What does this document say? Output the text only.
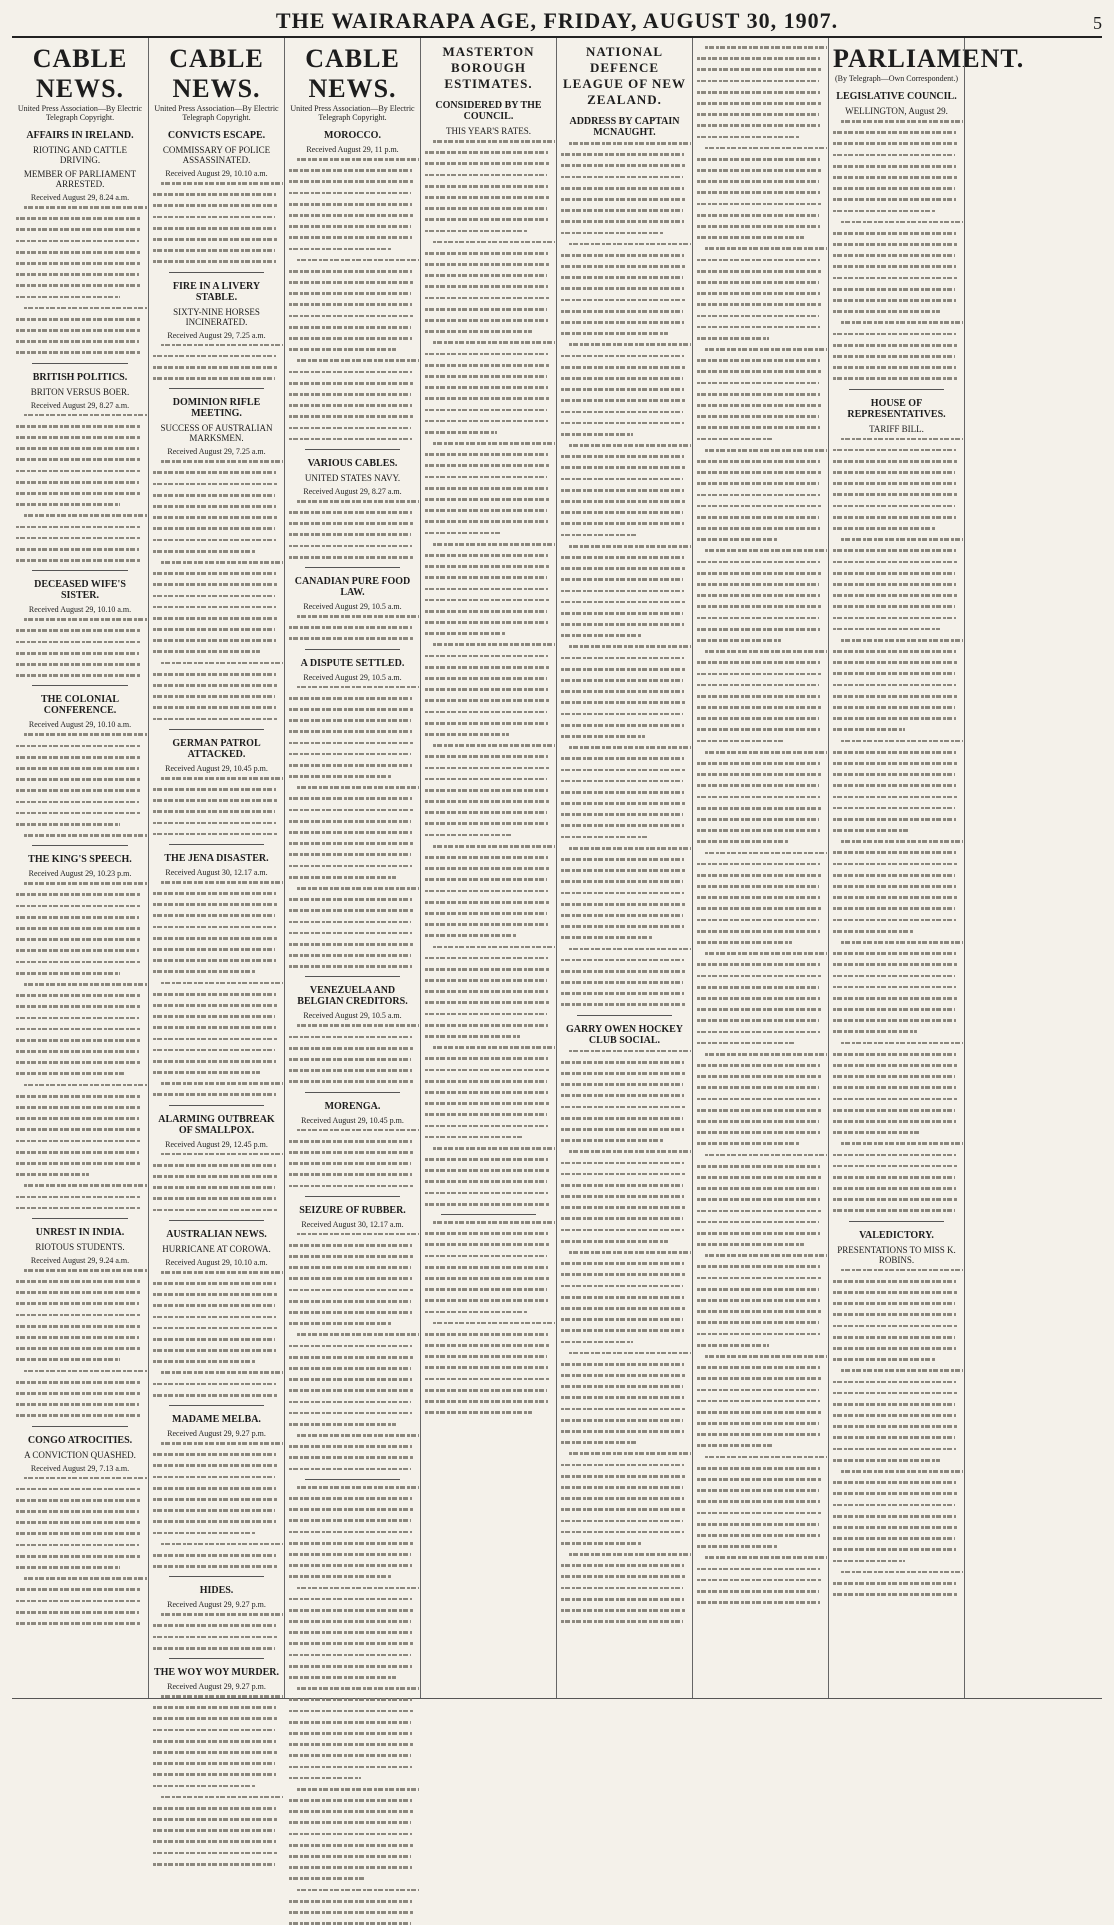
THE WAIRARAPA AGE, FRIDAY, AUGUST 30, 1907.	5
CABLE NEWS.
United Press Association—By Electric Telegraph Copyright.
AFFAIRS IN IRELAND.
RIOTING AND CATTLE DRIVING.
MEMBER OF PARLIAMENT ARRESTED.
Received August 29, 8.24 a.m.
BRITISH POLITICS.
BRITON VERSUS BOER.
Received August 29, 8.27 a.m.
DECEASED WIFE'S SISTER.
Received August 29, 10.10 a.m.
THE COLONIAL CONFERENCE.
Received August 29, 10.10 a.m.
THE KING'S SPEECH.
Received August 29, 10.23 p.m.
UNREST IN INDIA.
RIOTOUS STUDENTS.
Received August 29, 9.24 a.m.
CONGO ATROCITIES.
A CONVICTION QUASHED.
Received August 29, 7.13 a.m.
CABLE NEWS.
United Press Association—By Electric Telegraph Copyright.
CONVICTS ESCAPE.
COMMISSARY OF POLICE ASSASSINATED.
Received August 29, 10.10 a.m.
FIRE IN A LIVERY STABLE.
SIXTY-NINE HORSES INCINERATED.
Received August 29, 7.25 a.m.
DOMINION RIFLE MEETING.
SUCCESS OF AUSTRALIAN MARKSMEN.
Received August 29, 7.25 a.m.
GERMAN PATROL ATTACKED.
Received August 29, 10.45 p.m.
THE JENA DISASTER.
Received August 30, 12.17 a.m.
ALARMING OUTBREAK OF SMALLPOX.
Received August 29, 12.45 p.m.
AUSTRALIAN NEWS.
HURRICANE AT COROWA.
Received August 29, 10.10 a.m.
MADAME MELBA.
Received August 29, 9.27 p.m.
HIDES.
Received August 29, 9.27 p.m.
THE WOY WOY MURDER.
Received August 29, 9.27 p.m.
CABLE NEWS.
United Press Association—By Electric Telegraph Copyright.
MOROCCO.
Received August 29, 11 p.m.
VARIOUS CABLES.
UNITED STATES NAVY.
Received August 29, 8.27 a.m.
CANADIAN PURE FOOD LAW.
Received August 29, 10.5 a.m.
A DISPUTE SETTLED.
Received August 29, 10.5 a.m.
VENEZUELA AND BELGIAN CREDITORS.
Received August 29, 10.5 a.m.
MORENGA.
Received August 29, 10.45 p.m.
SEIZURE OF RUBBER.
Received August 30, 12.17 a.m.
MASTERTON BOROUGH ESTIMATES.
CONSIDERED BY THE COUNCIL.
THIS YEAR'S RATES.
NATIONAL DEFENCE LEAGUE OF NEW ZEALAND.
ADDRESS BY CAPTAIN MCNAUGHT.
GARRY OWEN HOCKEY CLUB SOCIAL.
PARLIAMENT.
(By Telegraph—Own Correspondent.)
LEGISLATIVE COUNCIL.
WELLINGTON, August 29.
HOUSE OF REPRESENTATIVES.
TARIFF BILL.
VALEDICTORY.
PRESENTATIONS TO MISS K. ROBINS.
